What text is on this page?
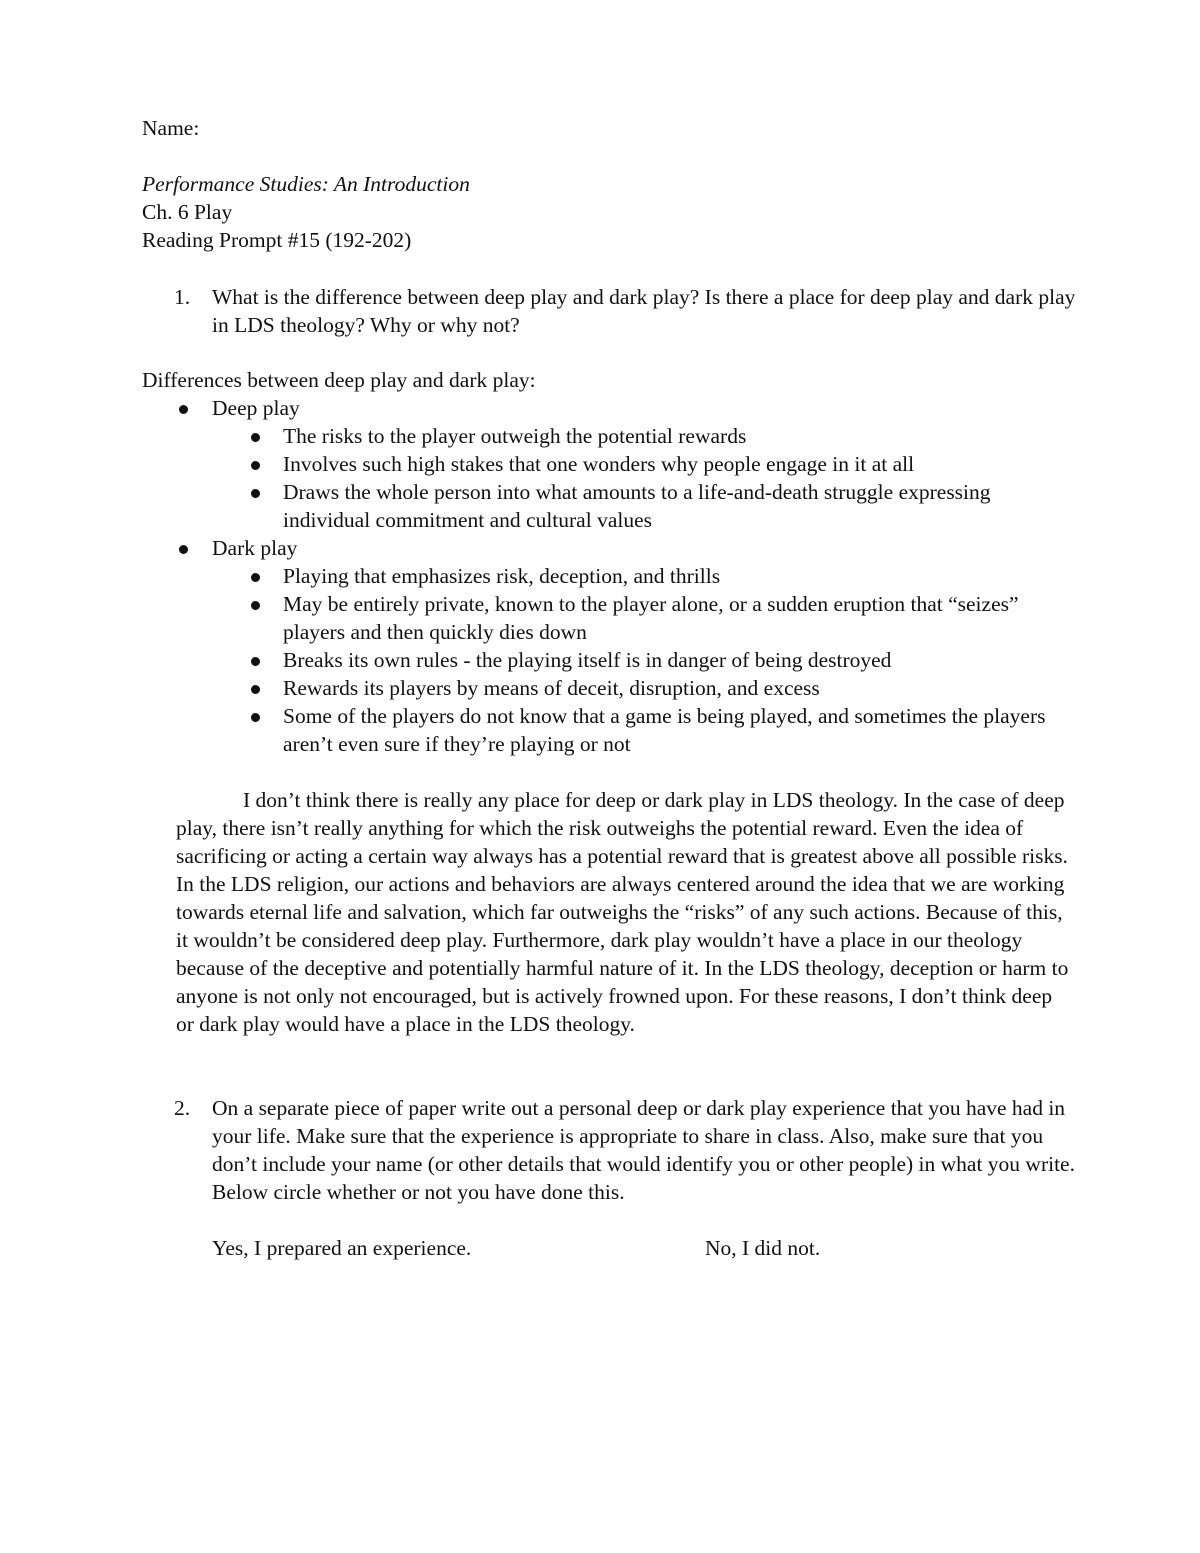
Name:
Performance Studies: An Introduction
Ch. 6 Play
Reading Prompt #15 (192-202)
1. What is the difference between deep play and dark play? Is there a place for deep play and dark play in LDS theology? Why or why not?
Differences between deep play and dark play:
Deep play
The risks to the player outweigh the potential rewards
Involves such high stakes that one wonders why people engage in it at all
Draws the whole person into what amounts to a life-and-death struggle expressing individual commitment and cultural values
Dark play
Playing that emphasizes risk, deception, and thrills
May be entirely private, known to the player alone, or a sudden eruption that “seizes” players and then quickly dies down
Breaks its own rules - the playing itself is in danger of being destroyed
Rewards its players by means of deceit, disruption, and excess
Some of the players do not know that a game is being played, and sometimes the players aren’t even sure if they’re playing or not
I don’t think there is really any place for deep or dark play in LDS theology. In the case of deep play, there isn’t really anything for which the risk outweighs the potential reward. Even the idea of sacrificing or acting a certain way always has a potential reward that is greatest above all possible risks. In the LDS religion, our actions and behaviors are always centered around the idea that we are working towards eternal life and salvation, which far outweighs the “risks” of any such actions. Because of this, it wouldn’t be considered deep play. Furthermore, dark play wouldn’t have a place in our theology because of the deceptive and potentially harmful nature of it. In the LDS theology, deception or harm to anyone is not only not encouraged, but is actively frowned upon. For these reasons, I don’t think deep or dark play would have a place in the LDS theology.
2. On a separate piece of paper write out a personal deep or dark play experience that you have had in your life. Make sure that the experience is appropriate to share in class. Also, make sure that you don’t include your name (or other details that would identify you or other people) in what you write. Below circle whether or not you have done this.
Yes, I prepared an experience.	No, I did not.
